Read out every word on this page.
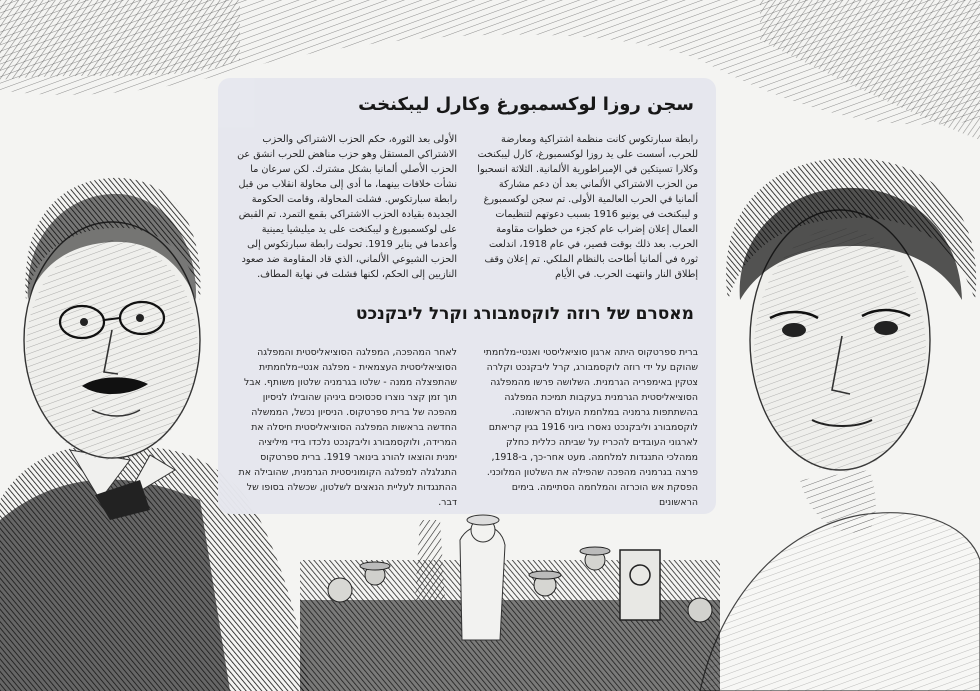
سجن روزا لوكسمبورغ وكارل ليبكنخت

رابطة سبارتكوس كانت منظمة اشتراكية ومعارضة للحرب، أسست على يد روزا لوكسمبورغ، كارل ليبكنخت وكلارا تسيتكين في الإمبراطورية الألمانية. الثلاثة انسحبوا من الحزب الاشتراكي الألماني بعد أن دعم مشاركة ألمانيا في الحرب العالمية الأولى. تم سجن لوكسمبورغ و ليبكنخت في يونيو 1916 بسبب دعوتهم لتنظيمات العمال إعلان إضراب عام كجزء من خطوات مقاومة الحرب. بعد ذلك بوقت قصير، في عام 1918، اندلعت ثورة في ألمانيا أطاحت بالنظام الملكي. تم إعلان وقف إطلاق النار وانتهت الحرب. في الأيام

الأولى بعد الثورة، حكم الحزب الاشتراكي والحزب الاشتراكي المستقل وهو حزب مناهض للحرب انشق عن الحزب الأصلي ألمانيا بشكل مشترك. لكن سرعان ما نشأت خلافات بينهما، ما أدى إلى محاولة انقلاب من قبل رابطة سبارتكوس. فشلت المحاولة، وقامت الحكومة الجديدة بقيادة الحزب الاشتراكي بقمع التمرد. تم القبض على لوكسمبورغ و ليبكنخت على يد ميليشيا يمينية وأعدما في يناير 1919. تحولت رابطة سبارتكوس إلى الحزب الشيوعي الألماني، الذي قاد المقاومة ضد صعود النازيين إلى الحكم، لكنها فشلت في نهاية المطاف.

מאסרם של רוזה לוקסמבורג וקרל ליבקנכט

ברית ספרטקוס היתה ארגון סוציאליסטי ואנטי-מלחמתי שהוקם על ידי רוזה לוקסמבורג, קרל ליבקנכט וקלרה צטקין באימפריה הגרמנית. השלושה פרשו מהמפלגה הסוציאליסטית הגרמנית בעקבות תמיכת המפלגה בהשתתפות גרמניה במלחמת העולם הראשונה. לוקסמבורג וליבקנכט נאסרו ביוני 1916 בגין קריאתם לארגוני העובדים להכריז על שביתה כללית כחלק ממהלכי התנגדות למלחמה. מעט אחר-כך, ב-1918, פרצה בגרמניה מהפכה שהפילה את השלטון המלוכני. הפסקת אש הוכרזה והמלחמה הסתיימה. בימים הראשונים

לאחר המהפכה, המפלגה הסוציאליסטית והמפלגה הסוציאליסטית העצמאית - מפלגה אנטי-מלחמתית שהתפצלה ממנה - שלטו בגרמניה שלטון משותף. אבל תוך זמן קצר נוצרו סכסוכים ביניהן שהובילו לניסיון מהפכה של ברית ספרטקוס. הניסיון נכשל, הממשלה החדשה בראשות המפלגה הסוציאליסטית חיסלה את המרידה, ולוקסמבורג וליבקנכט נלכדו בידי מיליציה ימנית והוצאו להורג בינואר 1919. ברית ספרטקוס התגלגלה למפלגה הקומוניסטית הגרמנית, שהובילה את ההתנגדות לעליית הנאצים לשלטון, שכשלה בסופו של דבר.
